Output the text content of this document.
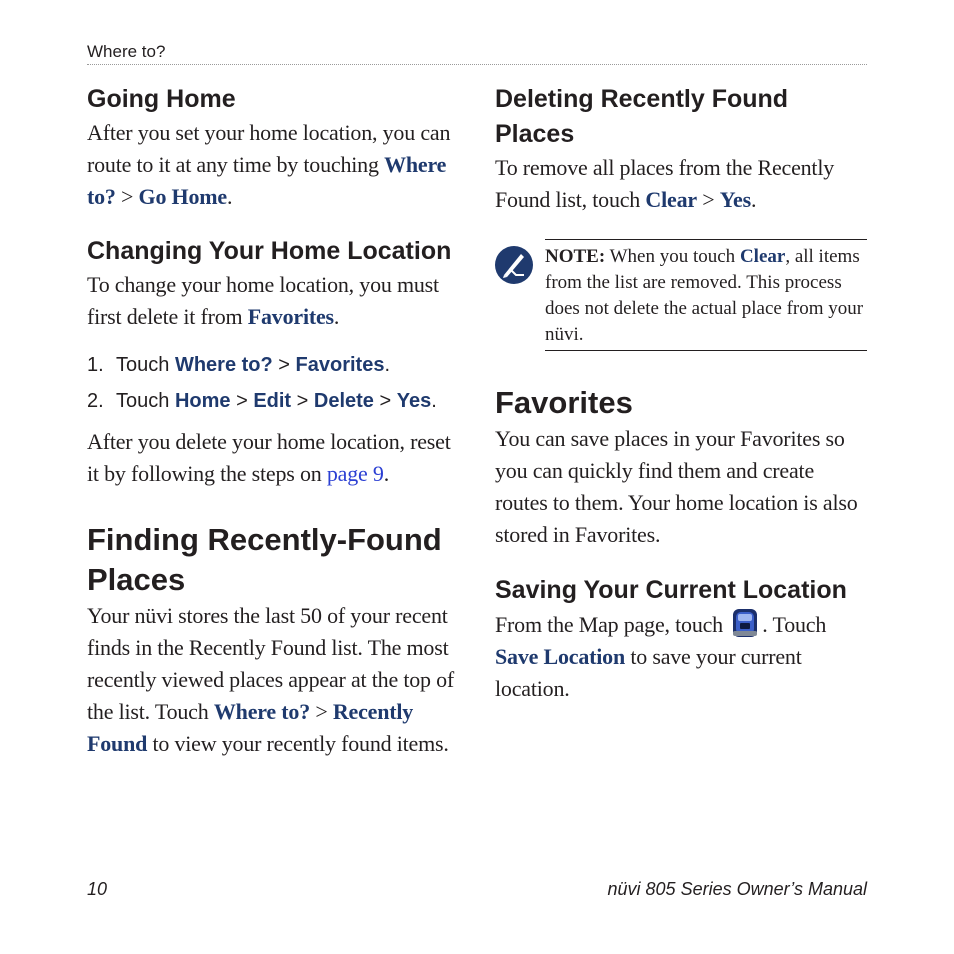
Where to?
Going Home

After you set your home location, you can route to it at any time by touching Where to? > Go Home.

Changing Your Home Location

To change your home location, you must first delete it from Favorites.

1. Touch Where to? > Favorites.
2. Touch Home > Edit > Delete > Yes.

After you delete your home location, reset it by following the steps on page 9.

Finding Recently-Found Places

Your nüvi stores the last 50 of your recent finds in the Recently Found list. The most recently viewed places appear at the top of the list. Touch Where to? > Recently Found to view your recently found items.

Deleting Recently Found Places

To remove all places from the Recently Found list, touch Clear > Yes.

NOTE: When you touch Clear, all items from the list are removed. This process does not delete the actual place from your nüvi.

Favorites

You can save places in your Favorites so you can quickly find them and create routes to them. Your home location is also stored in Favorites.

Saving Your Current Location

From the Map page, touch . Touch Save Location to save your current location.

10	nüvi 805 Series Owner’s Manual
